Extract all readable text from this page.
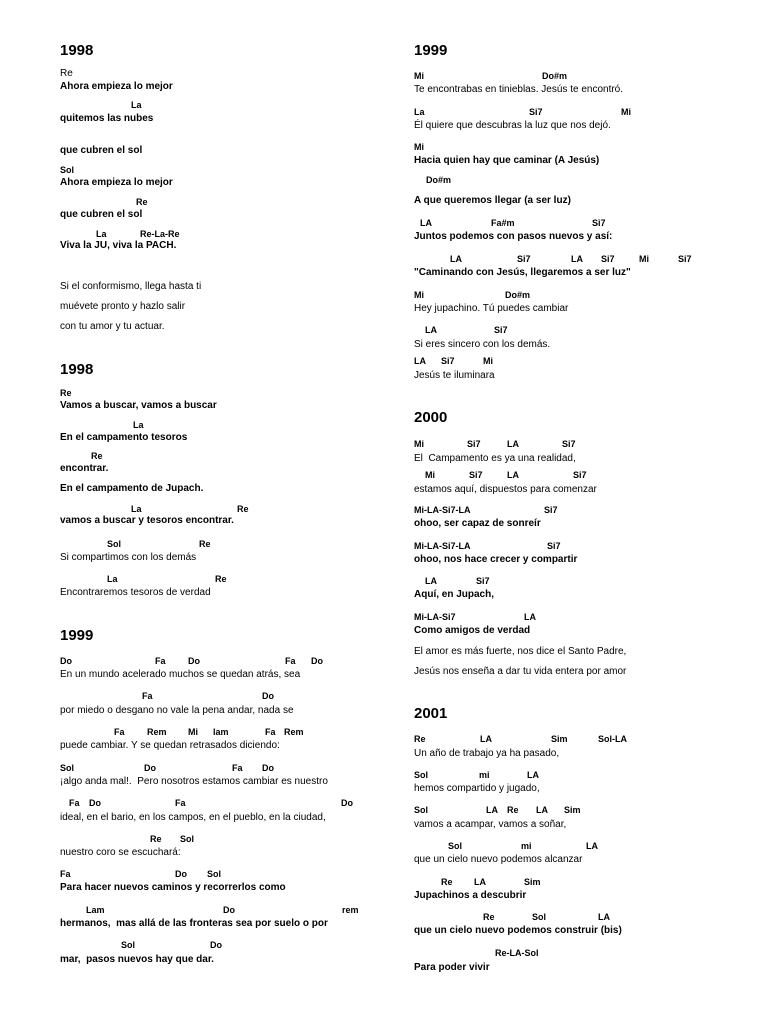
1998
Re
Ahora empieza lo mejor
La
quitemos las nubes
que cubren el sol
Sol
Ahora empieza lo mejor
Re
que cubren el sol
La	Re-La-Re
Viva la JU, viva la PACH.
Si el conformismo, llega hasta ti
muévete pronto y hazlo salir
con tu amor y tu actuar.
1998
Re
Vamos a buscar, vamos a buscar
La
En el campamento tesoros
Re
encontrar.
En el campamento de Jupach.
La	Re
vamos a buscar y tesoros encontrar.
Sol	Re
Si compartimos con los demás
La	Re
Encontraremos tesoros de verdad
1999
Do	Fa Do	Fa Do
En un mundo acelerado muchos se quedan atrás, sea
Fa	Do
por miedo o desgano no vale la pena andar, nada se
Fa Rem Mi lam	Fa Rem
puede cambiar. Y se quedan retrasados diciendo:
Sol	Do	Fa Do
¡algo anda mal!.  Pero nosotros estamos cambiar es nuestro
Fa Do	Fa	Do
ideal, en el bario, en los campos, en el pueblo, en la ciudad,
Re Sol
nuestro coro se escuchará:
Fa	Do Sol
Para hacer nuevos caminos y recorrerlos como
Lam	Do	rem
hermanos,  mas allá de las fronteras sea por suelo o por
Sol	Do
mar,  pasos nuevos hay que dar.
1999
Mi	Do#m
Te encontrabas en tinieblas. Jesús te encontró.
La	Si7	Mi
Él quiere que descubras la luz que nos dejó.
Mi
Hacia quien hay que caminar (A Jesús)
Do#m
A que queremos llegar (a ser luz)
LA	Fa#m	Si7
Juntos podemos con pasos nuevos y así:
LA	Si7	LA Si7	Mi	Si7
"Caminando con Jesús, llegaremos a ser luz"
Mi	Do#m
Hey jupachino. Tú puedes cambiar
LA	Si7
Si eres sincero con los demás.
LA Si7	Mi
Jesús te iluminara
2000
Mi	Si7	LA	Si7
El  Campamento es ya una realidad,
Mi	Si7	LA	Si7
estamos aquí, dispuestos para comenzar
Mi-LA-Si7-LA	Si7
ohoo, ser capaz de sonreír
Mi-LA-Si7-LA	Si7
ohoo, nos hace crecer y compartir
LA	Si7
Aquí, en Jupach,
Mi-LA-Si7	LA
Como amigos de verdad
El amor es más fuerte, nos dice el Santo Padre,
Jesús nos enseña a dar tu vida entera por amor
2001
Re	LA	Sim	Sol-LA
Un año de trabajo ya ha pasado,
Sol	mi	LA
hemos compartido y jugado,
Sol	LA Re LA Sim
vamos a acampar, vamos a soñar,
Sol	mi	LA
que un cielo nuevo podemos alcanzar
Re LA	Sim
Jupachinos a descubrir
Re	Sol	LA
que un cielo nuevo podemos construir (bis)
Re-LA-Sol
Para poder vivir
